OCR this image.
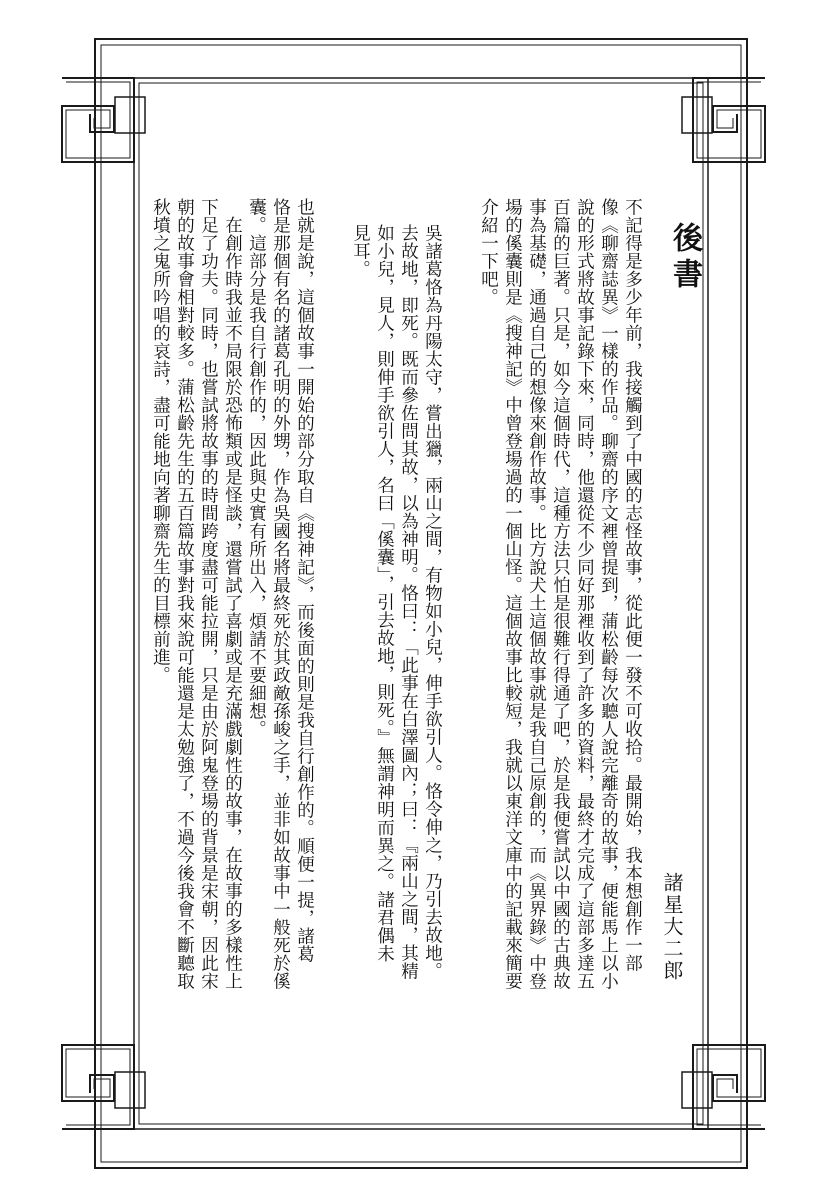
後書
諸星大二郎

不記得是多少年前，我接觸到了中國的志怪故事，從此便一發不可收拾。最開始，我本想創作一部

像《聊齋誌異》一樣的作品。聊齋的序文裡曾提到，蒲松齡每次聽人說完離奇的故事，便能馬上以小

說的形式將故事記錄下來，同時，他還從不少同好那裡收到了許多的資料，最終才完成了這部多達五

百篇的巨著。只是，如今這個時代，這種方法只怕是很難行得通了吧，於是我便嘗試以中國的古典故

事為基礎，通過自己的想像來創作故事。比方說犬土這個故事就是我自己原創的，而《異界錄》中登

場的傒囊則是《搜神記》中曾登場過的一個山怪。這個故事比較短，我就以東洋文庫中的記載來簡要

介紹一下吧。

吳諸葛恪為丹陽太守，嘗出獵，兩山之間，有物如小兒，伸手欲引人。恪令伸之，乃引去故地。

去故地，即死。既而參佐問其故，以為神明。恪曰：「此事在白澤圖內；曰：『兩山之間，其精

如小兒，見人，則伸手欲引人，名曰「傒囊」，引去故地，則死。』無謂神明而異之。諸君偶未

見耳。

也就是說，這個故事一開始的部分取自《搜神記》，而後面的則是我自行創作的。順便一提，諸葛

恪是那個有名的諸葛孔明的外甥，作為吳國名將最終死於其政敵孫峻之手，並非如故事中一般死於傒

囊。這部分是我自行創作的，因此與史實有所出入，煩請不要細想。

　在創作時我並不局限於恐怖類或是怪談，還嘗試了喜劇或是充滿戲劇性的故事，在故事的多樣性上

下足了功夫。同時，也嘗試將故事的時間跨度盡可能拉開，只是由於阿鬼登場的背景是宋朝，因此宋

朝的故事會相對較多。蒲松齡先生的五百篇故事對我來說可能還是太勉強了，不過今後我會不斷聽取

秋墳之鬼所吟唱的哀詩，盡可能地向著聊齋先生的目標前進。
